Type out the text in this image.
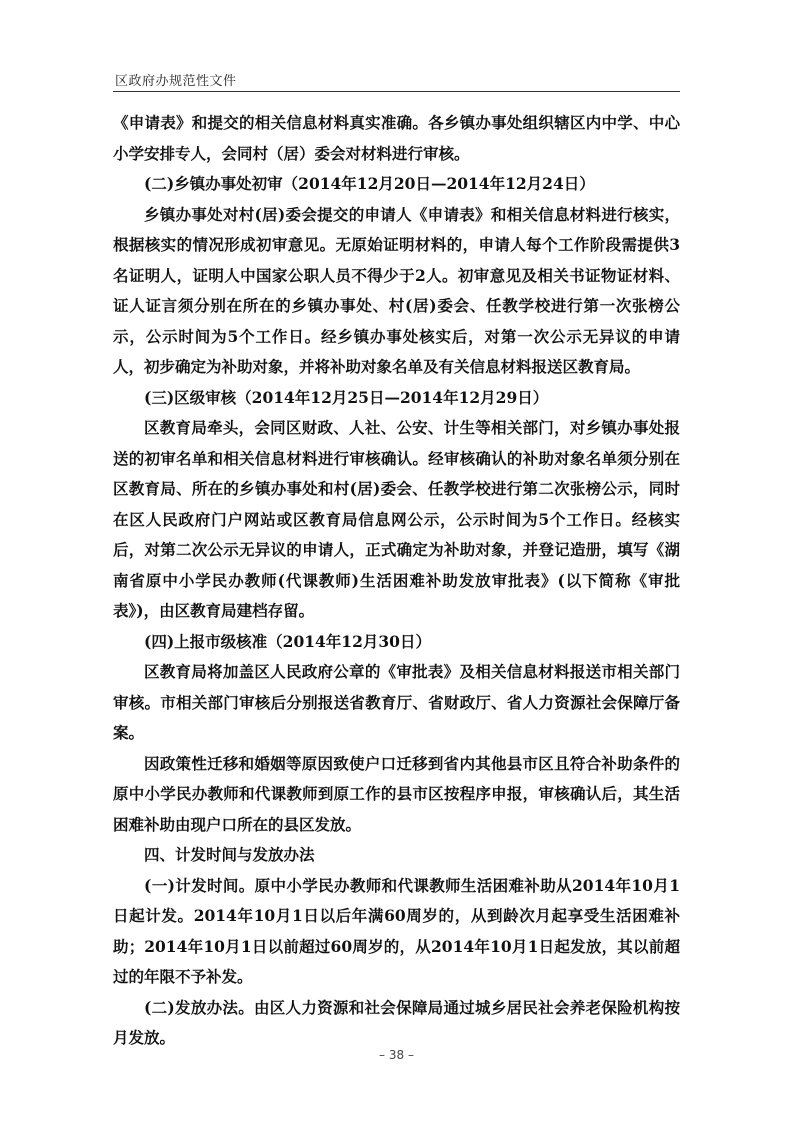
区政府办规范性文件

《申请表》和提交的相关信息材料真实准确。各乡镇办事处组织辖区内中学、中心小学安排专人，会同村（居）委会对材料进行审核。

(二)乡镇办事处初审（2014年12月20日—2014年12月24日）

乡镇办事处对村(居)委会提交的申请人《申请表》和相关信息材料进行核实，根据核实的情况形成初审意见。无原始证明材料的，申请人每个工作阶段需提供3名证明人，证明人中国家公职人员不得少于2人。初审意见及相关书证物证材料、证人证言须分别在所在的乡镇办事处、村(居)委会、任教学校进行第一次张榜公示，公示时间为5个工作日。经乡镇办事处核实后，对第一次公示无异议的申请人，初步确定为补助对象，并将补助对象名单及有关信息材料报送区教育局。

(三)区级审核（2014年12月25日—2014年12月29日）

区教育局牵头，会同区财政、人社、公安、计生等相关部门，对乡镇办事处报送的初审名单和相关信息材料进行审核确认。经审核确认的补助对象名单须分别在区教育局、所在的乡镇办事处和村(居)委会、任教学校进行第二次张榜公示，同时在区人民政府门户网站或区教育局信息网公示，公示时间为5个工作日。经核实后，对第二次公示无异议的申请人，正式确定为补助对象，并登记造册，填写《湖南省原中小学民办教师(代课教师)生活困难补助发放审批表》(以下简称《审批表》)，由区教育局建档存留。

(四)上报市级核准（2014年12月30日）

区教育局将加盖区人民政府公章的《审批表》及相关信息材料报送市相关部门审核。市相关部门审核后分别报送省教育厅、省财政厅、省人力资源社会保障厅备案。

因政策性迁移和婚姻等原因致使户口迁移到省内其他县市区且符合补助条件的原中小学民办教师和代课教师到原工作的县市区按程序申报，审核确认后，其生活困难补助由现户口所在的县区发放。

四、计发时间与发放办法

(一)计发时间。原中小学民办教师和代课教师生活困难补助从2014年10月1日起计发。2014年10月1日以后年满60周岁的，从到龄次月起享受生活困难补助；2014年10月1日以前超过60周岁的，从2014年10月1日起发放，其以前超过的年限不予补发。

(二)发放办法。由区人力资源和社会保障局通过城乡居民社会养老保险机构按月发放。

– 38 –
